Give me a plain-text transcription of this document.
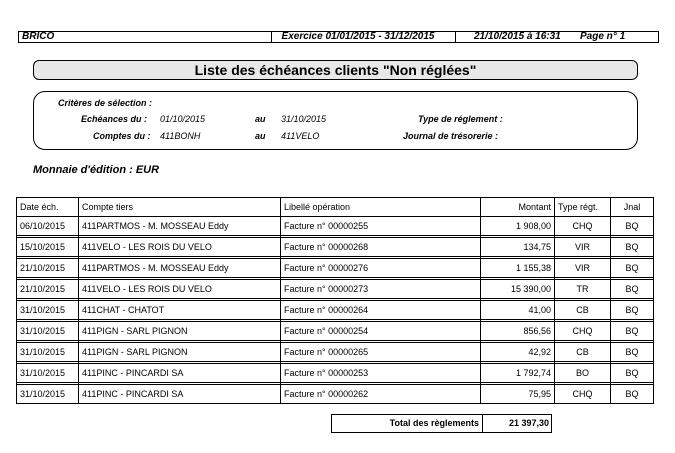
BRICO	Exercice 01/01/2015 - 31/12/2015	21/10/2015 à 16:31 Page n° 1
Liste des échéances clients "Non réglées"
Critères de sélection :
Echéances du : 01/10/2015	au 31/10/2015	Type de réglement :
Comptes du : 411BONH	au 411VELO	Journal de trésorerie :
Monnaie d'édition : EUR
Date éch.	Compte tiers	Libellé opération	Montant	Type régt.	Jnal
06/10/2015	411PARTMOS - M. MOSSEAU Eddy	Facture n° 00000255	1 908,00	CHQ	BQ

15/10/2015	411VELO - LES ROIS DU VELO	Facture n° 00000268	134,75	VIR	BQ

21/10/2015	411PARTMOS - M. MOSSEAU Eddy	Facture n° 00000276	1 155,38	VIR	BQ

21/10/2015	411VELO - LES ROIS DU VELO	Facture n° 00000273	15 390,00	TR	BQ

31/10/2015	411CHAT - CHATOT	Facture n° 00000264	41,00	CB	BQ

31/10/2015	411PIGN - SARL PIGNON	Facture n° 00000254	856,56	CHQ	BQ

31/10/2015	411PIGN - SARL PIGNON	Facture n° 00000265	42,92	CB	BQ

31/10/2015	411PINC - PINCARDI SA	Facture n° 00000253	1 792,74	BO	BQ

31/10/2015	411PINC - PINCARDI SA	Facture n° 00000262	75,95	CHQ	BQ
Total des règlements	21 397,30
